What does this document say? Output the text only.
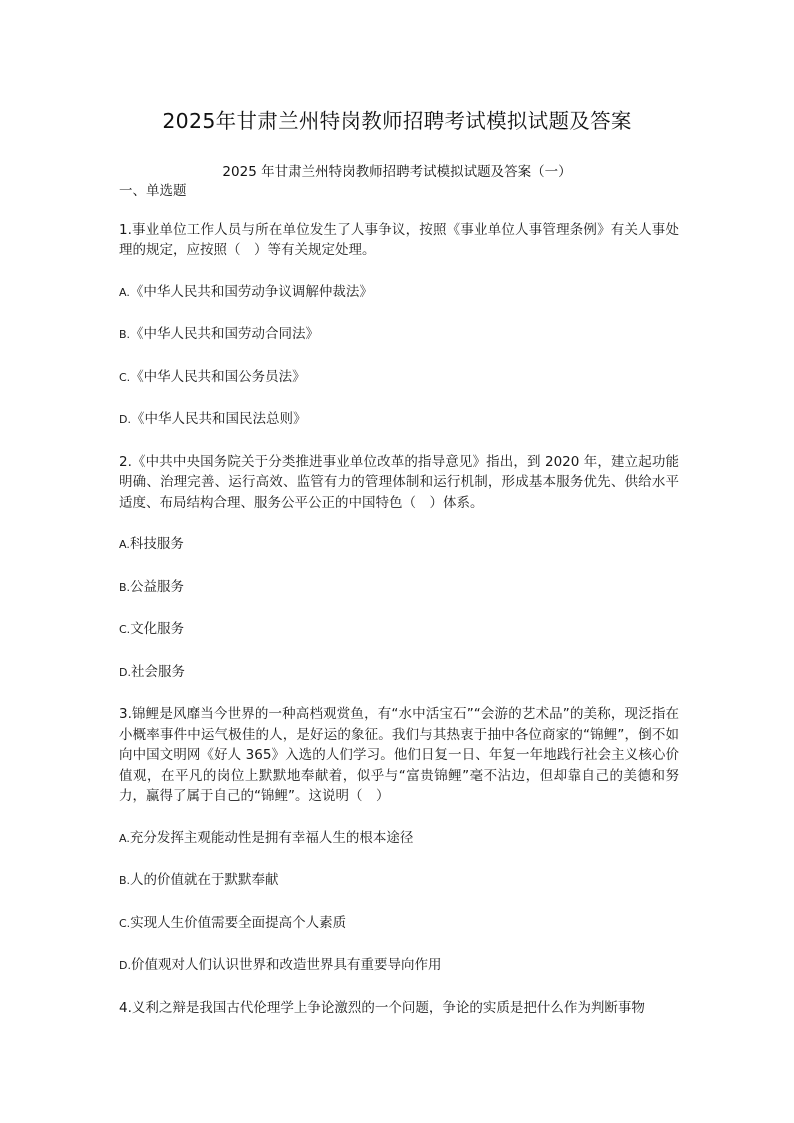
2025年甘肃兰州特岗教师招聘考试模拟试题及答案

2025 年甘肃兰州特岗教师招聘考试模拟试题及答案（一）

一、单选题

1.事业单位工作人员与所在单位发生了人事争议，按照《事业单位人事管理条例》有关人事处理的规定，应按照（　）等有关规定处理。

A.《中华人民共和国劳动争议调解仲裁法》

B.《中华人民共和国劳动合同法》

C.《中华人民共和国公务员法》

D.《中华人民共和国民法总则》

2.《中共中央国务院关于分类推进事业单位改革的指导意见》指出，到 2020 年，建立起功能明确、治理完善、运行高效、监管有力的管理体制和运行机制，形成基本服务优先、供给水平适度、布局结构合理、服务公平公正的中国特色（　）体系。

A.科技服务

B.公益服务

C.文化服务

D.社会服务

3.锦鲤是风靡当今世界的一种高档观赏鱼，有“水中活宝石”“会游的艺术品”的美称，现泛指在小概率事件中运气极佳的人，是好运的象征。我们与其热衷于抽中各位商家的“锦鲤”，倒不如向中国文明网《好人 365》入选的人们学习。他们日复一日、年复一年地践行社会主义核心价值观，在平凡的岗位上默默地奉献着，似乎与“富贵锦鲤”毫不沾边，但却靠自己的美德和努力，赢得了属于自己的“锦鲤”。这说明（　）

A.充分发挥主观能动性是拥有幸福人生的根本途径

B.人的价值就在于默默奉献

C.实现人生价值需要全面提高个人素质

D.价值观对人们认识世界和改造世界具有重要导向作用

4.义利之辩是我国古代伦理学上争论激烈的一个问题，争论的实质是把什么作为判断事物
